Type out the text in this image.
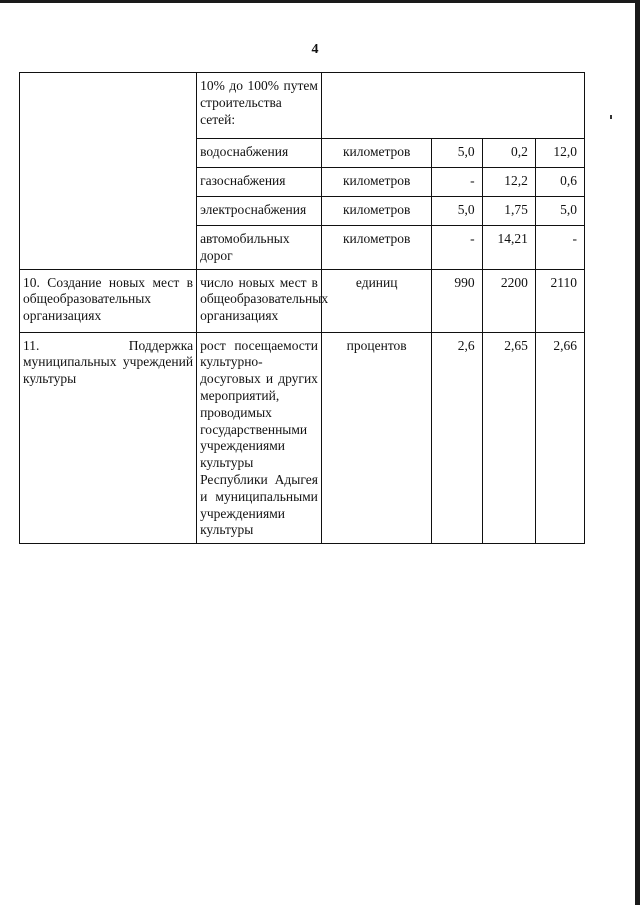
4
	10% до 100% путем строительства сетей:				
	водоснабжения	километров	5,0	0,2	12,0
	газоснабжения	километров	-	12,2	0,6
	электроснабжения	километров	5,0	1,75	5,0
	автомобильных дорог	километров	-	14,21	-
10. Создание новых мест в общеобразовательных организациях	число новых мест в общеобразовательных организациях	единиц	990	2200	2110
11. Поддержка муниципальных учреждений культуры	рост посещаемости культурно-досуговых и других мероприятий, проводимых государственными учреждениями культуры Республики Адыгея и муниципальными учреждениями культуры	процентов	2,6	2,65	2,66
